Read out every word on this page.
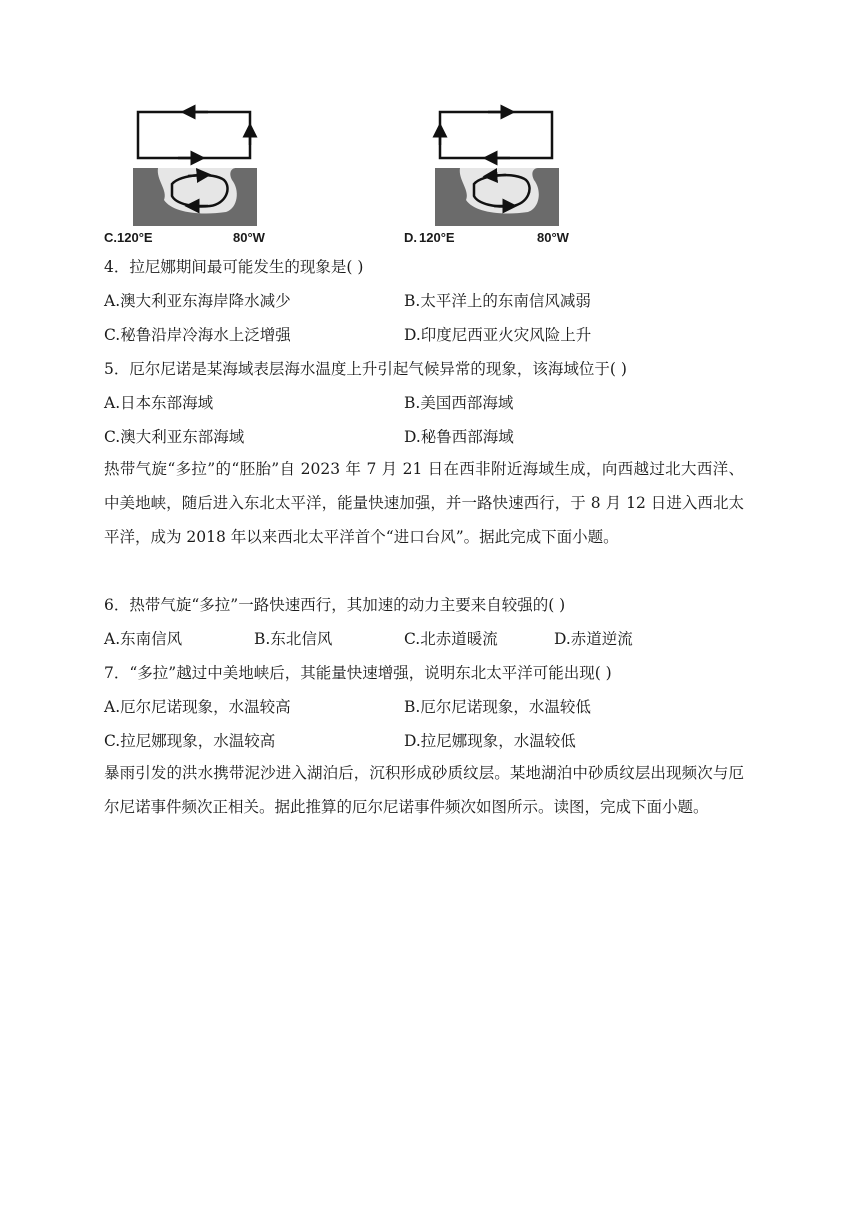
C. 120°E	80°W	D. 120°E	80°W
4．拉尼娜期间最可能发生的现象是( )
A.澳大利亚东海岸降水减少	B.太平洋上的东南信风减弱
C.秘鲁沿岸冷海水上泛增强	D.印度尼西亚火灾风险上升
5．厄尔尼诺是某海域表层海水温度上升引起气候异常的现象，该海域位于( )
A.日本东部海域	B.美国西部海域
C.澳大利亚东部海域	D.秘鲁西部海域
热带气旋“多拉”的“胚胎”自 2023 年 7 月 21 日在西非附近海域生成，向西越过北大西洋、中美地峡，随后进入东北太平洋，能量快速加强，并一路快速西行，于 8 月 12 日进入西北太平洋，成为 2018 年以来西北太平洋首个“进口台风”。据此完成下面小题。
6．热带气旋“多拉”一路快速西行，其加速的动力主要来自较强的( )
A.东南信风	B.东北信风	C.北赤道暖流	D.赤道逆流
7．“多拉”越过中美地峡后，其能量快速增强，说明东北太平洋可能出现( )
A.厄尔尼诺现象，水温较高	B.厄尔尼诺现象，水温较低
C.拉尼娜现象，水温较高	D.拉尼娜现象，水温较低
暴雨引发的洪水携带泥沙进入湖泊后，沉积形成砂质纹层。某地湖泊中砂质纹层出现频次与厄尔尼诺事件频次正相关。据此推算的厄尔尼诺事件频次如图所示。读图，完成下面小题。
